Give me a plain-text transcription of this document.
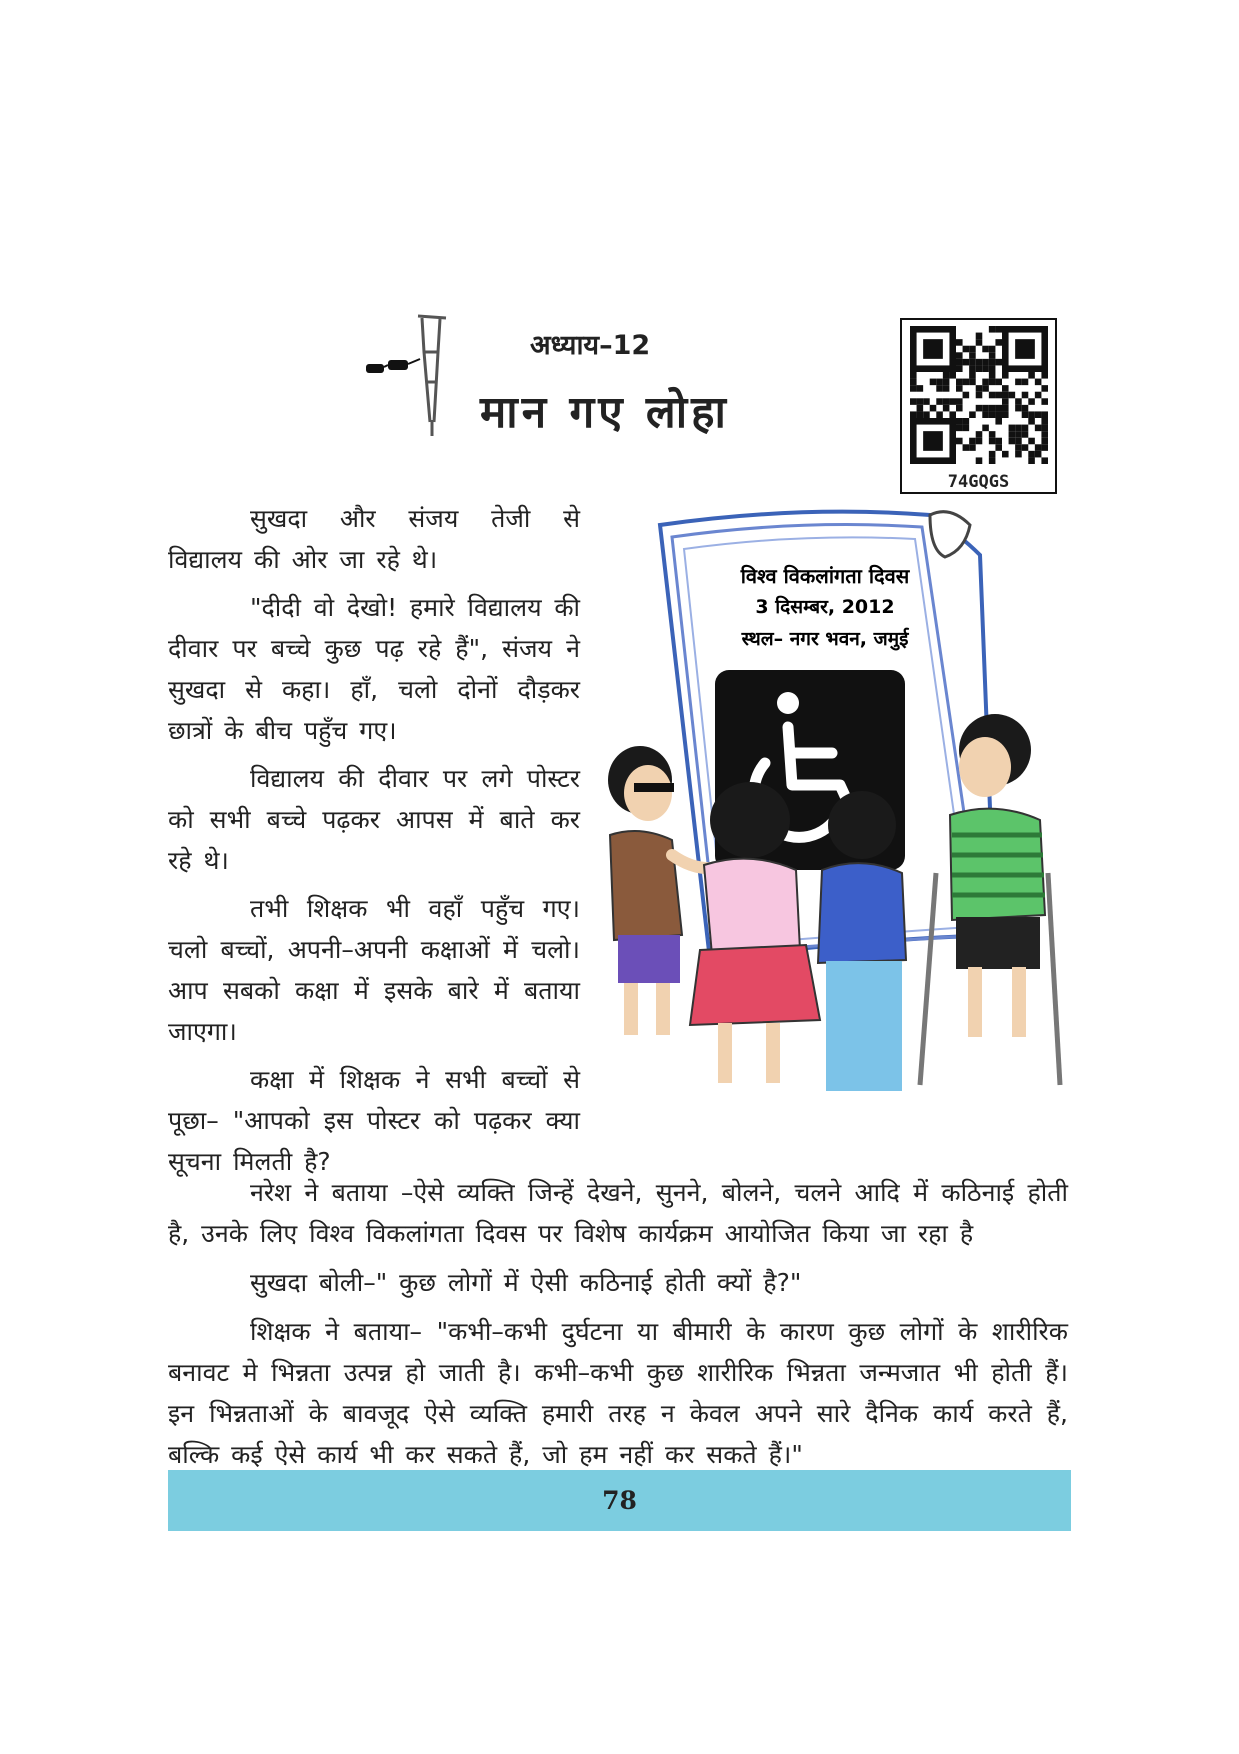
अध्याय–12
मान गए लोहा
74GQGS

सुखदा और संजय तेजी से विद्यालय की ओर जा रहे थे।

"दीदी वो देखो! हमारे विद्यालय की दीवार पर बच्चे कुछ पढ़ रहे हैं", संजय ने सुखदा से कहा। हाँ, चलो दोनों दौड़कर छात्रों के बीच पहुँच गए।

विद्यालय की दीवार पर लगे पोस्टर को सभी बच्चे पढ़कर आपस में बाते कर रहे थे।

तभी शिक्षक भी वहाँ पहुँच गए। चलो बच्चों, अपनी–अपनी कक्षाओं में चलो। आप सबको कक्षा में इसके बारे में बताया जाएगा।

कक्षा में शिक्षक ने सभी बच्चों से पूछा– "आपको इस पोस्टर को पढ़कर क्या सूचना मिलती है?

विश्व विकलांगता दिवस
3 दिसम्बर, 2012
स्थल– नगर भवन, जमुई

नरेश ने बताया –ऐसे व्यक्ति जिन्हें देखने, सुनने, बोलने, चलने आदि में कठिनाई होती है, उनके लिए विश्व विकलांगता दिवस पर विशेष कार्यक्रम आयोजित किया जा रहा है

सुखदा बोली–" कुछ लोगों में ऐसी कठिनाई होती क्यों है?"

शिक्षक ने बताया– "कभी–कभी दुर्घटना या बीमारी के कारण कुछ लोगों के शारीरिक बनावट मे भिन्नता उत्पन्न हो जाती है। कभी–कभी कुछ शारीरिक भिन्नता जन्मजात भी होती हैं। इन भिन्नताओं के बावजूद ऐसे व्यक्ति हमारी तरह न केवल अपने सारे दैनिक कार्य करते हैं, बल्कि कई ऐसे कार्य भी कर सकते हैं, जो हम नहीं कर सकते हैं।"

78
